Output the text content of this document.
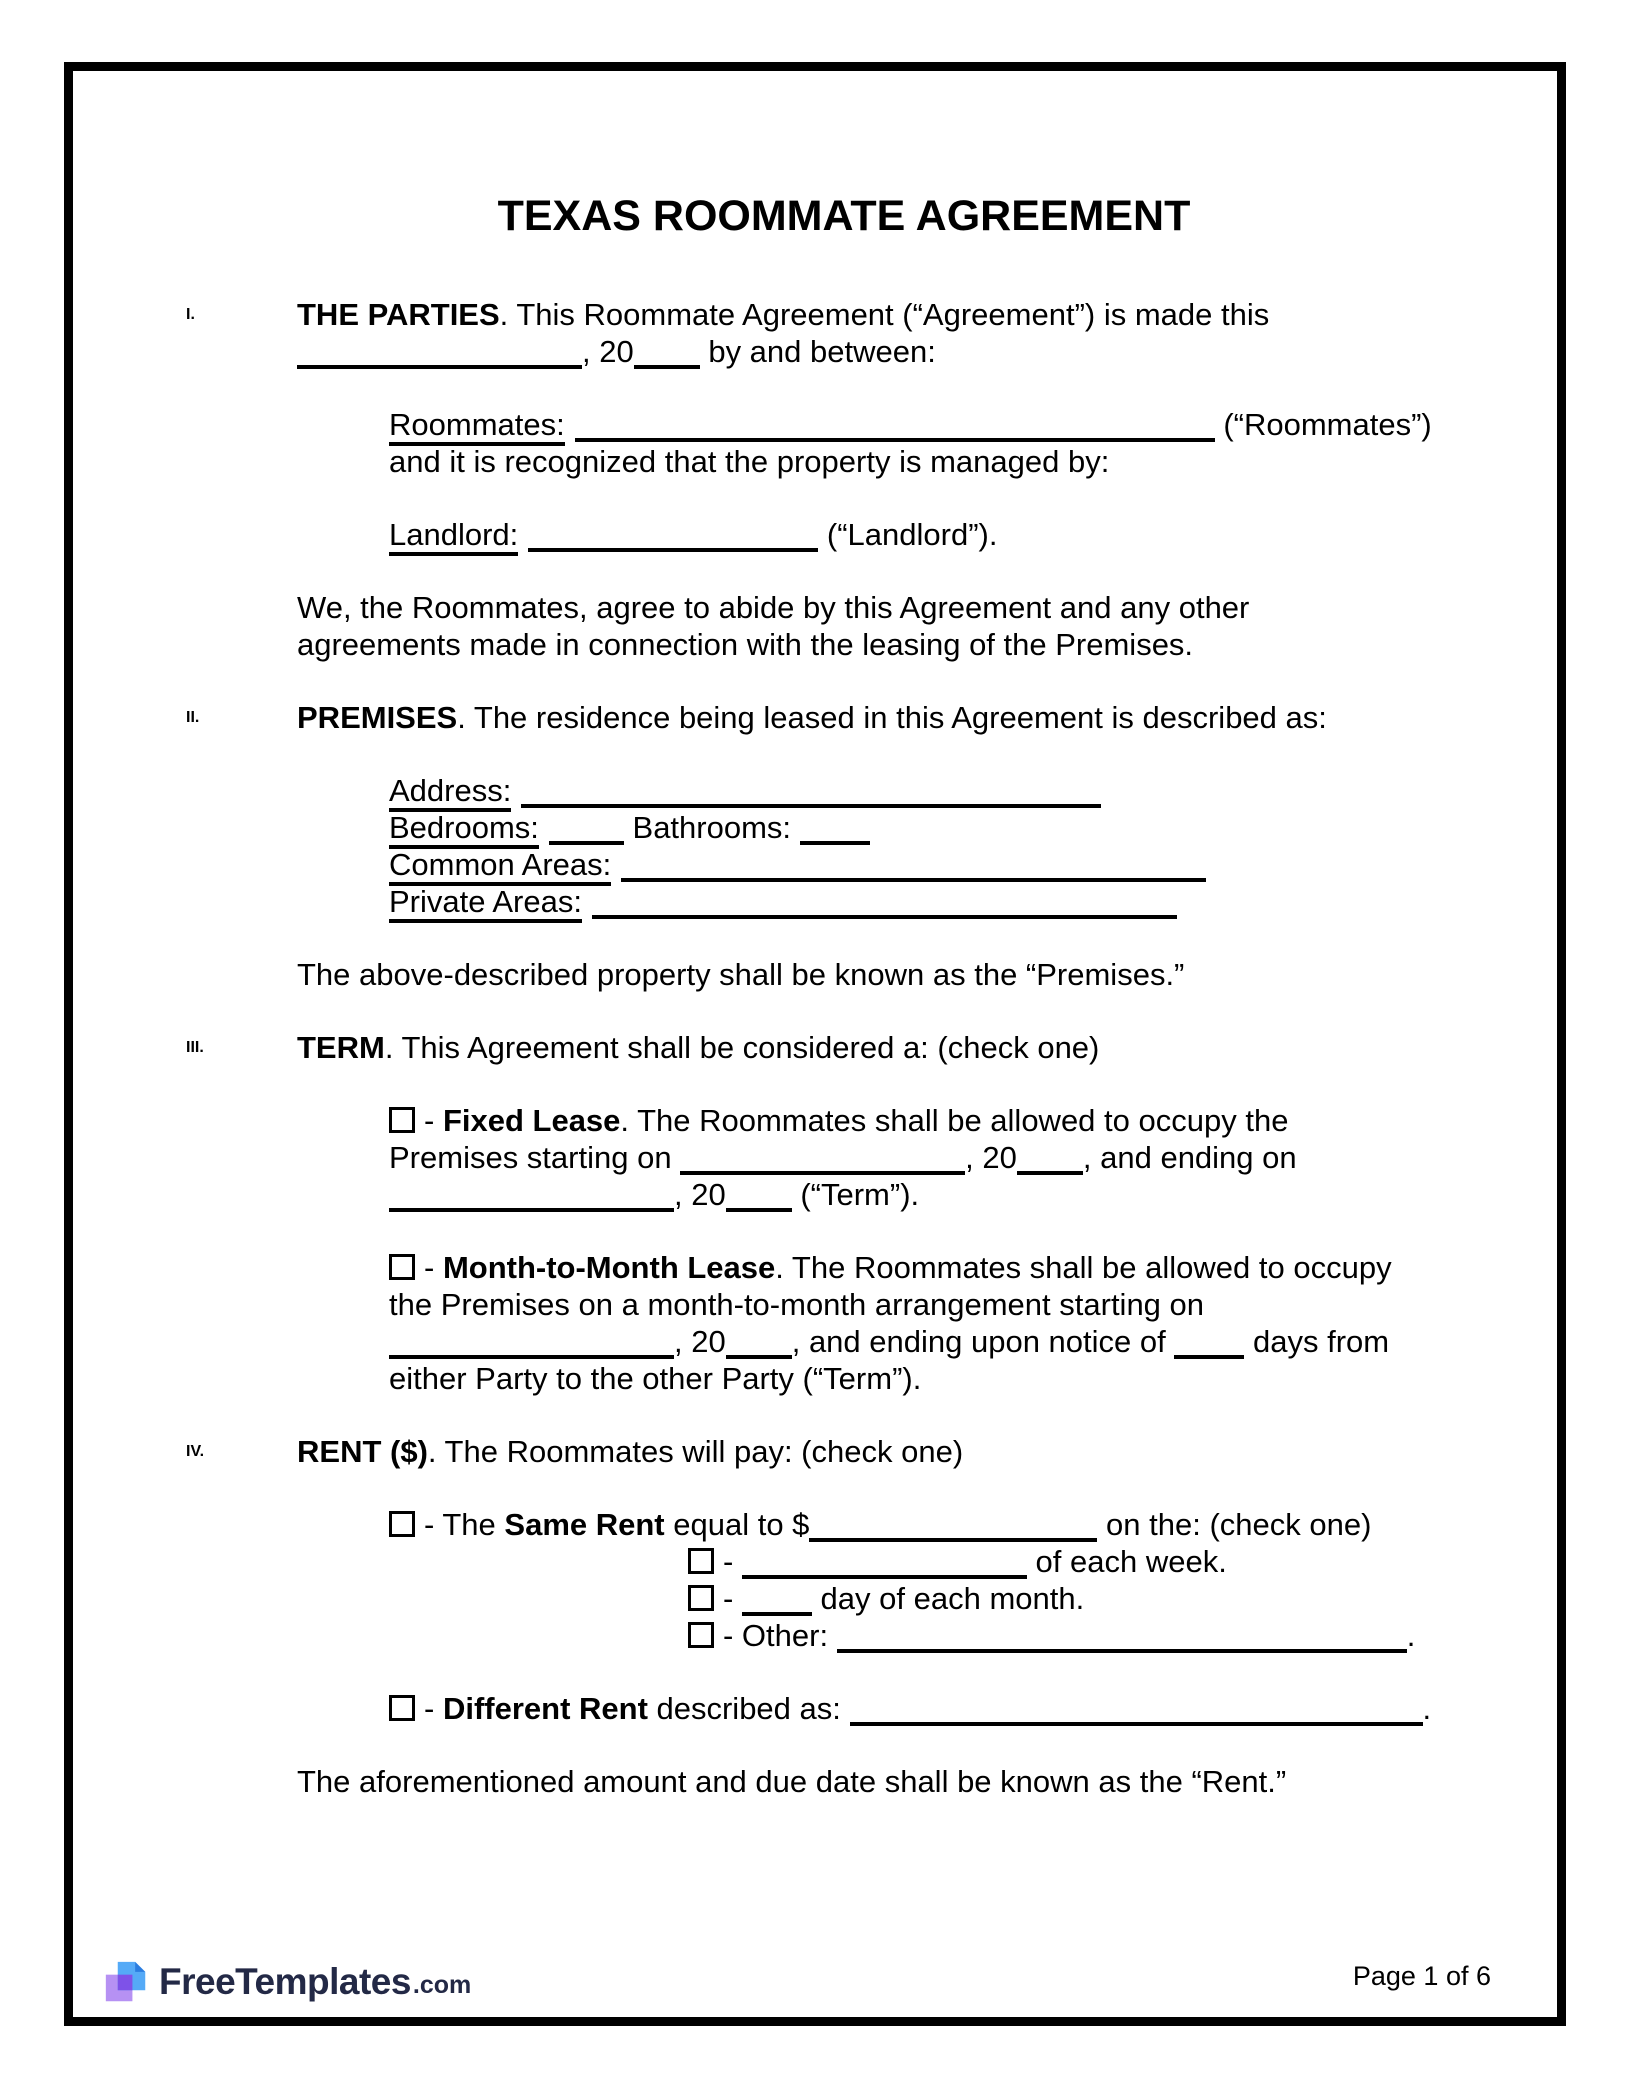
TEXAS ROOMMATE AGREEMENT
I.	THE PARTIES. This Roommate Agreement (“Agreement”) is made this
, 20 by and between:
Roommates:	(“Roommates”)
and it is recognized that the property is managed by:
Landlord:	(“Landlord”).
We, the Roommates, agree to abide by this Agreement and any other
agreements made in connection with the leasing of the Premises.
II.	PREMISES. The residence being leased in this Agreement is described as:
Address:
Bedrooms:	Bathrooms:
Common Areas:
Private Areas:
The above-described property shall be known as the “Premises.”
III.	TERM. This Agreement shall be considered a: (check one)
- Fixed Lease. The Roommates shall be allowed to occupy the
Premises starting on	, 20 , and ending on
, 20 (“Term”).
- Month-to-Month Lease. The Roommates shall be allowed to occupy
the Premises on a month-to-month arrangement starting on
, 20 , and ending upon notice of  days from
either Party to the other Party (“Term”).
IV.	RENT ($). The Roommates will pay: (check one)
- The Same Rent equal to $	on the: (check one)
-	of each week.
-  day of each month.
- Other:	.
- Different Rent described as:	.
The aforementioned amount and due date shall be known as the “Rent.”
FreeTemplates .com	Page 1 of 6
